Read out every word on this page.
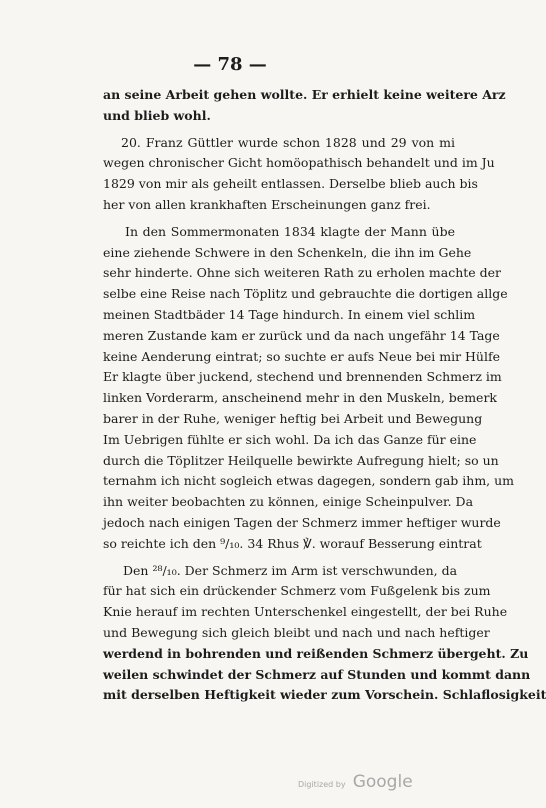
— 78 —
an seine Arbeit gehen wollte. Er erhielt keine weitere Arz
und blieb wohl.
20. Franz Güttler wurde schon 1828 und 29 von mi
wegen chronischer Gicht homöopathisch behandelt und im Ju
1829 von mir als geheilt entlassen. Derselbe blieb auch bis
her von allen krankhaften Erscheinungen ganz frei.
In den Sommermonaten 1834 klagte der Mann übe
eine ziehende Schwere in den Schenkeln, die ihn im Gehe
sehr hinderte. Ohne sich weiteren Rath zu erholen machte der
selbe eine Reise nach Töplitz und gebrauchte die dortigen allge
meinen Stadtbäder 14 Tage hindurch. In einem viel schlim
meren Zustande kam er zurück und da nach ungefähr 14 Tage
keine Aenderung eintrat; so suchte er aufs Neue bei mir Hülfe
Er klagte über juckend, stechend und brennenden Schmerz im
linken Vorderarm, anscheinend mehr in den Muskeln, bemerk
barer in der Ruhe, weniger heftig bei Arbeit und Bewegung
Im Uebrigen fühlte er sich wohl. Da ich das Ganze für eine
durch die Töplitzer Heilquelle bewirkte Aufregung hielt; so un
ternahm ich nicht sogleich etwas dagegen, sondern gab ihm, um
ihn weiter beobachten zu können, einige Scheinpulver. Da
jedoch nach einigen Tagen der Schmerz immer heftiger wurde
so reichte ich den ⁹/₁₀. 34 Rhus ℣. worauf Besserung eintrat
Den ²⁸/₁₀. Der Schmerz im Arm ist verschwunden, da
für hat sich ein drückender Schmerz vom Fußgelenk bis zum
Knie herauf im rechten Unterschenkel eingestellt, der bei Ruhe
und Bewegung sich gleich bleibt und nach und nach heftiger
werdend in bohrenden und reißenden Schmerz übergeht. Zu
weilen schwindet der Schmerz auf Stunden und kommt dann
mit derselben Heftigkeit wieder zum Vorschein. Schlaflosigkeit
Digitized by Google
